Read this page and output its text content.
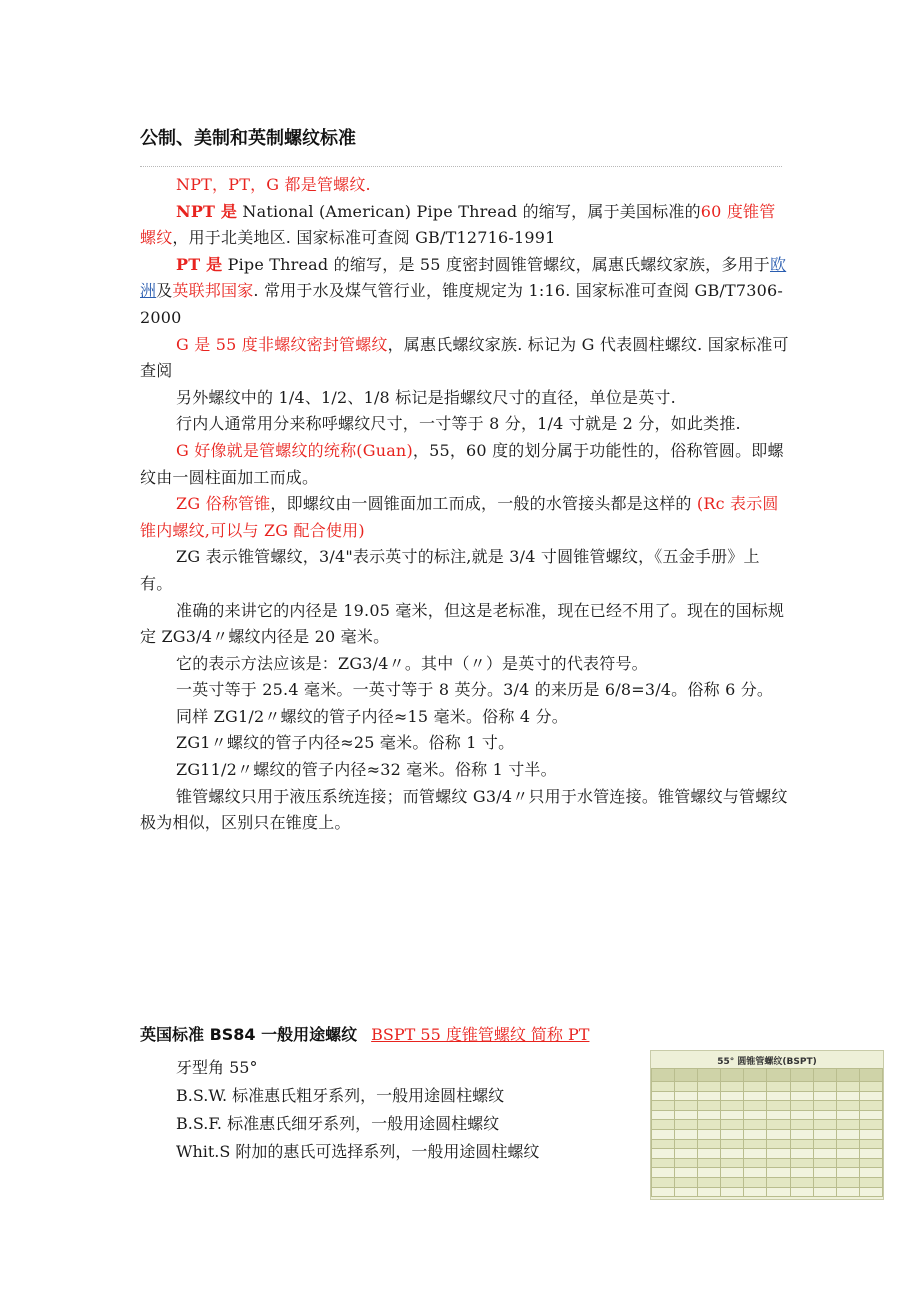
公制、美制和英制螺纹标准

NPT，PT，G 都是管螺纹.

NPT 是 National (American) Pipe Thread 的缩写，属于美国标准的60 度锥管螺纹，用于北美地区. 国家标准可查阅 GB/T12716-1991

PT 是 Pipe Thread 的缩写，是 55 度密封圆锥管螺纹，属惠氏螺纹家族，多用于欧洲及英联邦国家. 常用于水及煤气管行业，锥度规定为 1:16. 国家标准可查阅 GB/T7306-2000

G 是 55 度非螺纹密封管螺纹，属惠氏螺纹家族. 标记为 G 代表圆柱螺纹. 国家标准可查阅

另外螺纹中的 1/4、1/2、1/8 标记是指螺纹尺寸的直径，单位是英寸.

行内人通常用分来称呼螺纹尺寸，一寸等于 8 分，1/4 寸就是 2 分，如此类推.

G 好像就是管螺纹的统称(Guan)，55，60 度的划分属于功能性的，俗称管圆。即螺纹由一圆柱面加工而成。

ZG 俗称管锥，即螺纹由一圆锥面加工而成，一般的水管接头都是这样的 (Rc 表示圆锥内螺纹,可以与 ZG 配合使用)

ZG 表示锥管螺纹，3/4"表示英寸的标注,就是 3/4 寸圆锥管螺纹，《五金手册》上有。

准确的来讲它的内径是 19.05 毫米，但这是老标准，现在已经不用了。现在的国标规定 ZG3/4〃螺纹内径是 20 毫米。

它的表示方法应该是：ZG3/4〃。其中（〃）是英寸的代表符号。

一英寸等于 25.4 毫米。一英寸等于 8 英分。3/4 的来历是 6/8=3/4。俗称 6 分。

同样 ZG1/2〃螺纹的管子内径≈15 毫米。俗称 4 分。

ZG1〃螺纹的管子内径≈25 毫米。俗称 1 寸。

ZG11/2〃螺纹的管子内径≈32 毫米。俗称 1 寸半。

锥管螺纹只用于液压系统连接；而管螺纹 G3/4〃只用于水管连接。锥管螺纹与管螺纹极为相似，区别只在锥度上。

英国标准 BS84 一般用途螺纹 BSPT 55 度锥管螺纹 简称 PT
牙型角 55°
B.S.W. 标准惠氏粗牙系列，一般用途圆柱螺纹
B.S.F. 标准惠氏细牙系列，一般用途圆柱螺纹
Whit.S 附加的惠氏可选择系列，一般用途圆柱螺纹
55° 圆锥管螺纹(BSPT)
